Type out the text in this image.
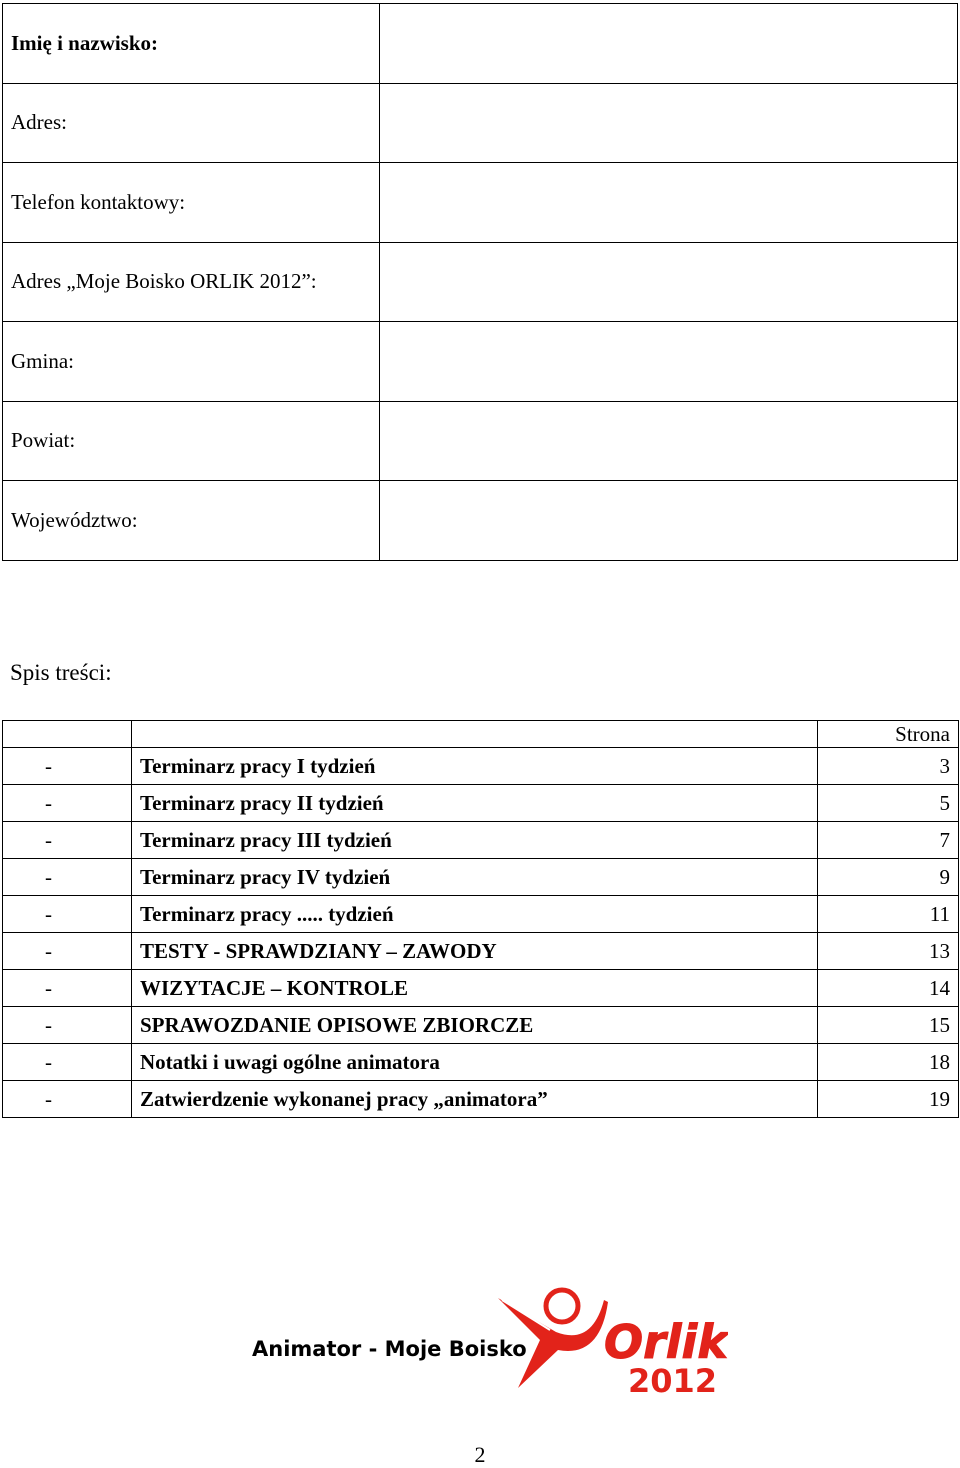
Imię i nazwisko:	
Adres:	
Telefon kontaktowy:	
Adres „Moje Boisko ORLIK 2012”:	
Gmina:	
Powiat:	
Województwo:	
Spis treści:
		Strona
-	Terminarz pracy I tydzień	3
-	Terminarz pracy II tydzień	5
-	Terminarz pracy III tydzień	7
-	Terminarz pracy IV tydzień	9
-	Terminarz pracy ..... tydzień	11
-	TESTY - SPRAWDZIANY – ZAWODY	13
-	WIZYTACJE – KONTROLE	14
-	SPRAWOZDANIE OPISOWE ZBIORCZE	15
-	Notatki i uwagi ogólne animatora	18
-	Zatwierdzenie wykonanej pracy „animatora”	19
Animator - Moje Boisko Orlik
2012
2
